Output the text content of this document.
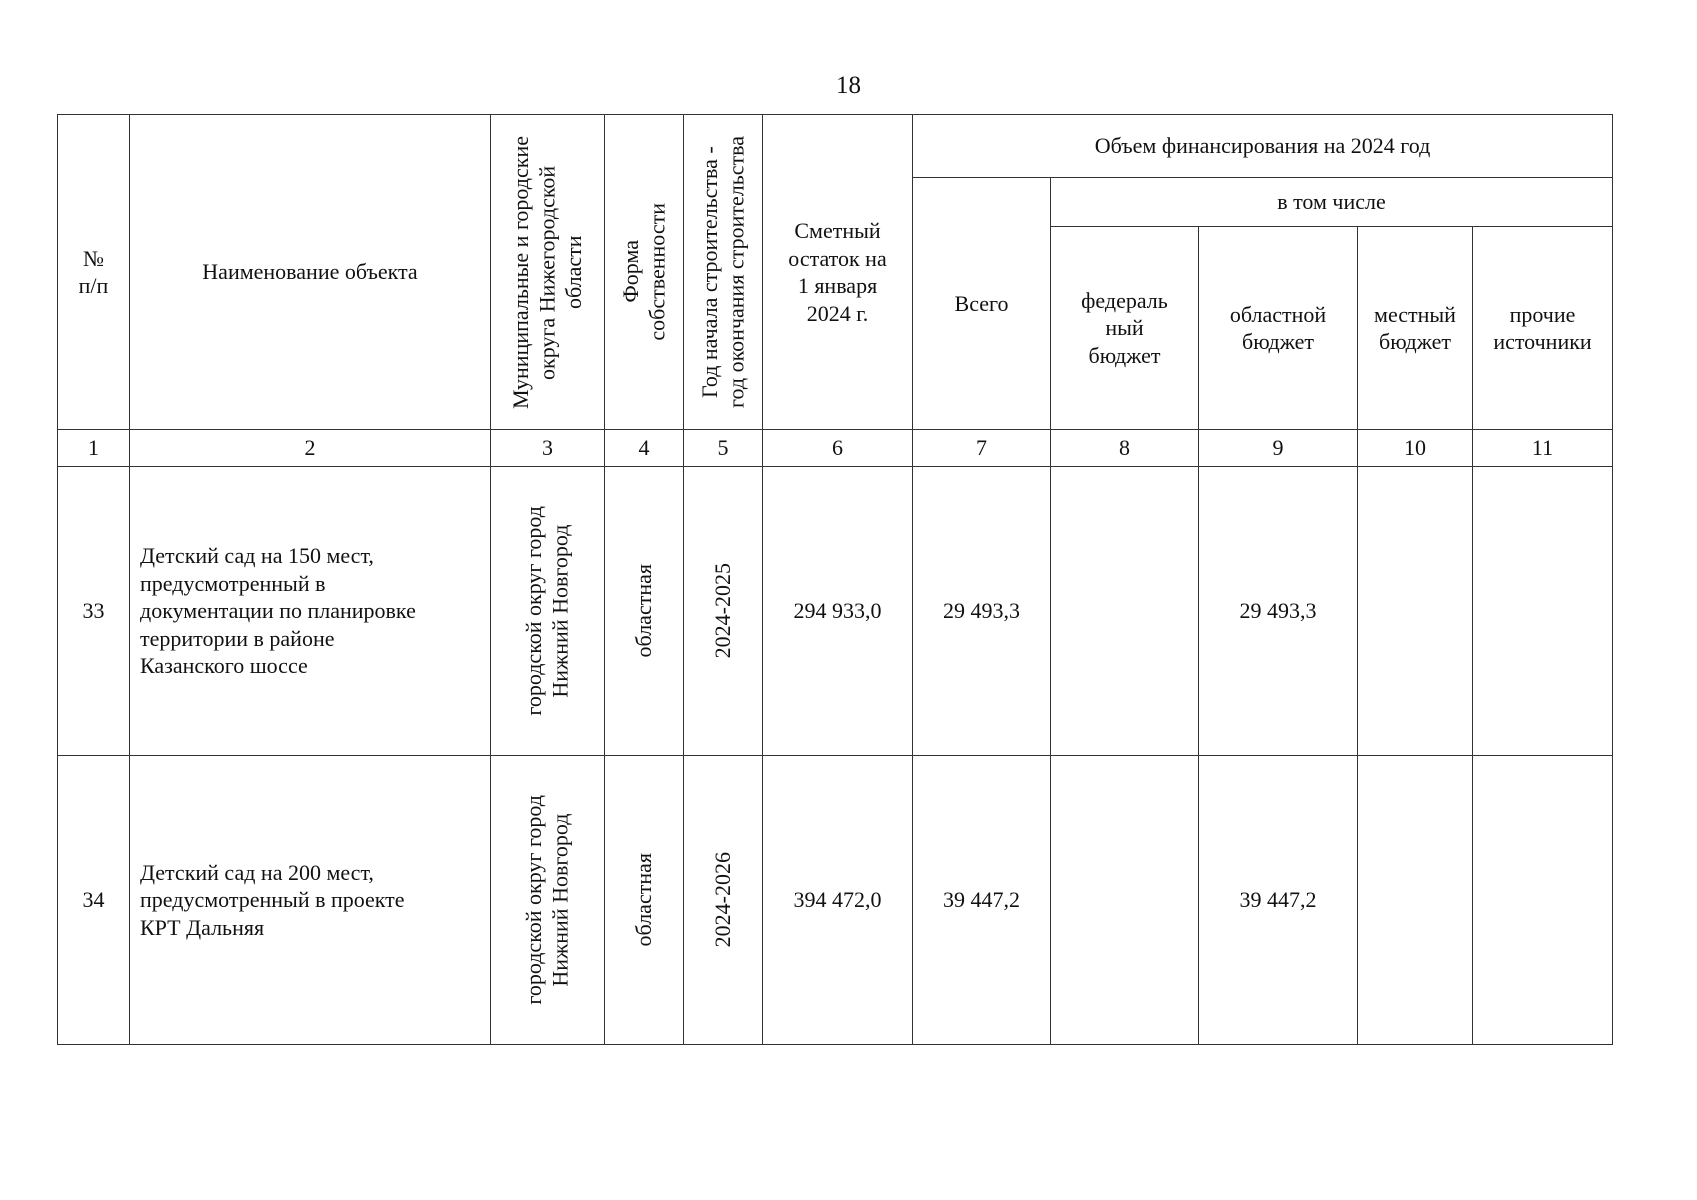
18
№
п/п	Наименование объекта	Муниципальные и городские
округа Нижегородской
области	Форма
собственности	Год начала строительства -
год окончания строительства	Сметный
остаток на
1 января
2024 г.	Объем финансирования на 2024 год				
						Всего	в том числе			
							федераль
ный
бюджет	областной
бюджет	местный
бюджет	прочие
источники
1	2	3	4	5	6	7	8	9	10	11
33	Детский сад на 150 мест,
предусмотренный в
документации по планировке
территории в районе
Казанского шоссе	городской округ город
Нижний Новгород	областная	2024-2025	294 933,0	29 493,3		29 493,3		
34	Детский сад на 200 мест,
предусмотренный в проекте
КРТ Дальняя	городской округ город
Нижний Новгород	областная	2024-2026	394 472,0	39 447,2		39 447,2		
